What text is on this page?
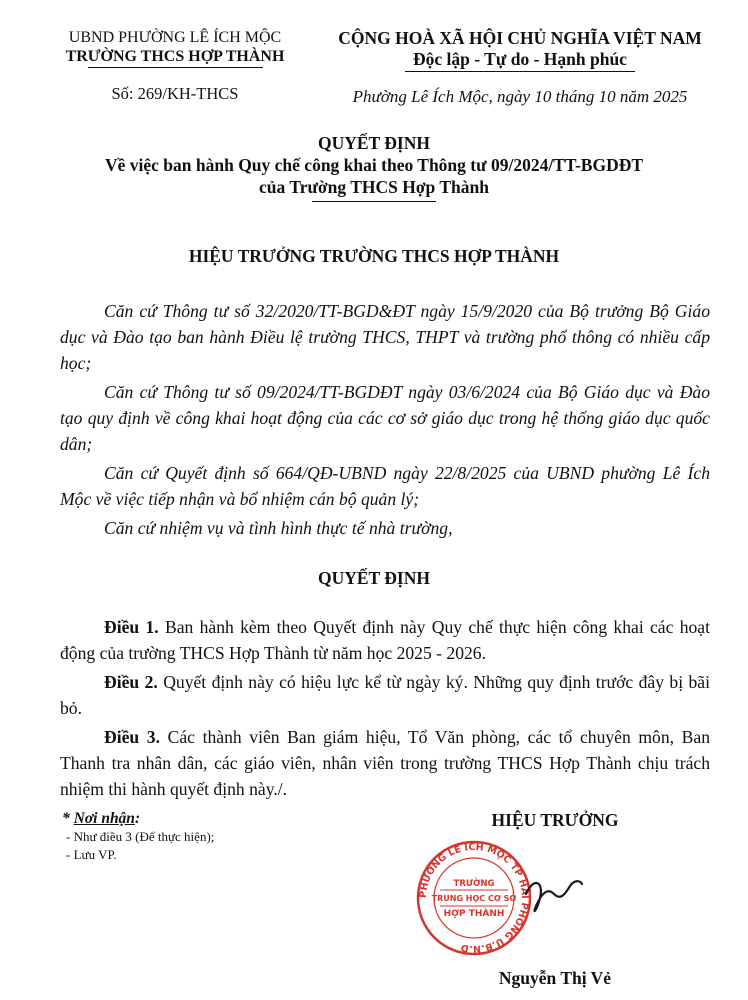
UBND PHƯỜNG LÊ ÍCH MỘC
TRƯỜNG THCS HỢP THÀNH
Số: 269/KH-THCS
CỘNG HOÀ XÃ HỘI CHỦ NGHĨA VIỆT NAM
Độc lập - Tự do - Hạnh phúc
Phường Lê Ích Mộc, ngày 10 tháng 10 năm 2025
QUYẾT ĐỊNH
Về việc ban hành Quy chế công khai theo Thông tư 09/2024/TT-BGDĐT
của Trường THCS Hợp Thành
HIỆU TRƯỞNG TRƯỜNG THCS HỢP THÀNH

Căn cứ Thông tư số 32/2020/TT-BGD&ĐT ngày 15/9/2020 của Bộ trưởng Bộ Giáo dục và Đào tạo ban hành Điều lệ trường THCS, THPT và trường phổ thông có nhiều cấp học;

Căn cứ Thông tư số 09/2024/TT-BGDĐT ngày 03/6/2024 của Bộ Giáo dục và Đào tạo quy định về công khai hoạt động của các cơ sở giáo dục trong hệ thống giáo dục quốc dân;

Căn cứ Quyết định số 664/QĐ-UBND ngày 22/8/2025 của UBND phường Lê Ích Mộc về việc tiếp nhận và bổ nhiệm cán bộ quản lý;

Căn cứ nhiệm vụ và tình hình thực tế nhà trường,

QUYẾT ĐỊNH

Điều 1. Ban hành kèm theo Quyết định này Quy chế thực hiện công khai các hoạt động của trường THCS Hợp Thành từ năm học 2025 - 2026.

Điều 2. Quyết định này có hiệu lực kể từ ngày ký. Những quy định trước đây bị bãi bỏ.

Điều 3. Các thành viên Ban giám hiệu, Tổ Văn phòng, các tổ chuyên môn, Ban Thanh tra nhân dân, các giáo viên, nhân viên trong trường THCS Hợp Thành chịu trách nhiệm thi hành quyết định này./.

* Nơi nhận:
- Như điều 3 (Để thực hiện);
- Lưu VP.
HIỆU TRƯỞNG
PHƯỜNG LÊ ÍCH MỘC TP HẢI PHÒNG U.B.N.D
TRƯỜNG
TRUNG HỌC CƠ SỞ
HỢP THÀNH
Nguyễn Thị Vẻ
